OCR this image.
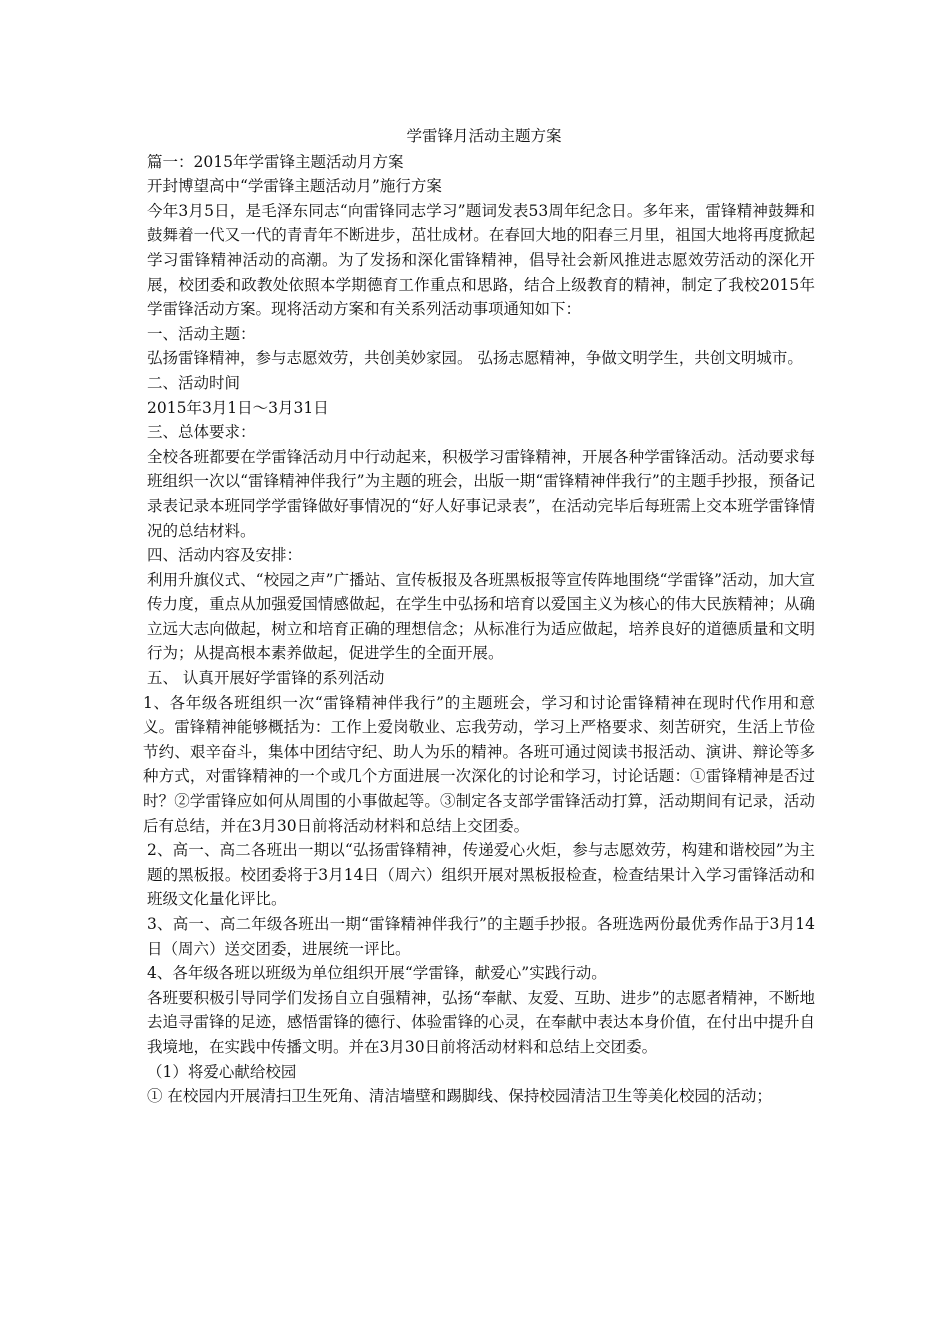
学雷锋月活动主题方案

篇一：2015年学雷锋主题活动月方案

开封博望高中“学雷锋主题活动月”施行方案

今年3月5日，是毛泽东同志“向雷锋同志学习”题词发表53周年纪念日。多年来，雷锋精神鼓舞和鼓舞着一代又一代的青青年不断进步，茁壮成材。在春回大地的阳春三月里，祖国大地将再度掀起学习雷锋精神活动的高潮。为了发扬和深化雷锋精神，倡导社会新风推进志愿效劳活动的深化开展，校团委和政教处依照本学期德育工作重点和思路，结合上级教育的精神，制定了我校2015年学雷锋活动方案。现将活动方案和有关系列活动事项通知如下：

一、活动主题：

弘扬雷锋精神，参与志愿效劳，共创美妙家园。 弘扬志愿精神，争做文明学生，共创文明城市。

二、活动时间

2015年3月1日～3月31日

三、总体要求：

全校各班都要在学雷锋活动月中行动起来，积极学习雷锋精神，开展各种学雷锋活动。活动要求每班组织一次以“雷锋精神伴我行”为主题的班会，出版一期“雷锋精神伴我行”的主题手抄报，预备记录表记录本班同学学雷锋做好事情况的“好人好事记录表”，在活动完毕后每班需上交本班学雷锋情况的总结材料。

四、活动内容及安排：

利用升旗仪式、“校园之声”广播站、宣传板报及各班黑板报等宣传阵地围绕“学雷锋”活动，加大宣传力度，重点从加强爱国情感做起，在学生中弘扬和培育以爱国主义为核心的伟大民族精神；从确立远大志向做起，树立和培育正确的理想信念；从标准行为适应做起，培养良好的道德质量和文明行为；从提高根本素养做起，促进学生的全面开展。

五、 认真开展好学雷锋的系列活动

1、各年级各班组织一次“雷锋精神伴我行”的主题班会，学习和讨论雷锋精神在现时代作用和意义。雷锋精神能够概括为：工作上爱岗敬业、忘我劳动，学习上严格要求、刻苦研究，生活上节俭节约、艰辛奋斗，集体中团结守纪、助人为乐的精神。各班可通过阅读书报活动、演讲、辩论等多种方式，对雷锋精神的一个或几个方面进展一次深化的讨论和学习，讨论话题：①雷锋精神是否过时？②学雷锋应如何从周围的小事做起等。③制定各支部学雷锋活动打算，活动期间有记录，活动后有总结，并在3月30日前将活动材料和总结上交团委。

2、高一、高二各班出一期以“弘扬雷锋精神，传递爱心火炬，参与志愿效劳，构建和谐校园”为主题的黑板报。校团委将于3月14日（周六）组织开展对黑板报检查，检查结果计入学习雷锋活动和班级文化量化评比。

3、高一、高二年级各班出一期“雷锋精神伴我行”的主题手抄报。各班选两份最优秀作品于3月14日（周六）送交团委，进展统一评比。

4、各年级各班以班级为单位组织开展“学雷锋，献爱心”实践行动。

各班要积极引导同学们发扬自立自强精神，弘扬“奉献、友爱、互助、进步”的志愿者精神，不断地去追寻雷锋的足迹，感悟雷锋的德行、体验雷锋的心灵，在奉献中表达本身价值，在付出中提升自我境地，在实践中传播文明。并在3月30日前将活动材料和总结上交团委。

（1）将爱心献给校园

① 在校园内开展清扫卫生死角、清洁墙壁和踢脚线、保持校园清洁卫生等美化校园的活动；
